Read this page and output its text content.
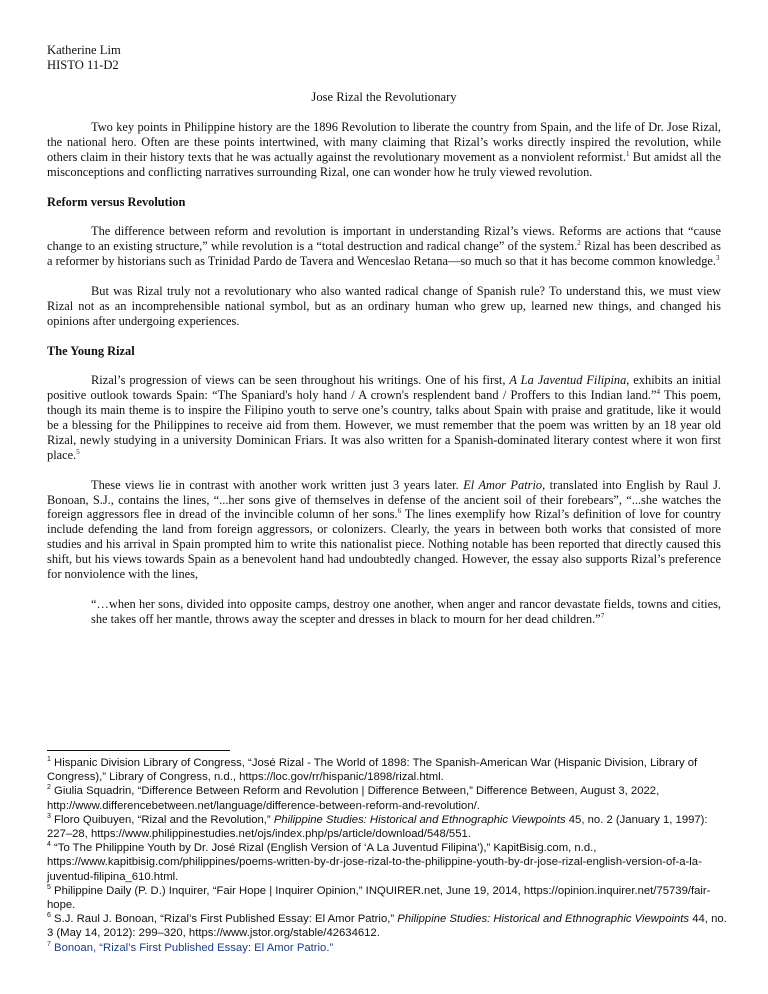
Katherine Lim
HISTO 11-D2
Jose Rizal the Revolutionary

Two key points in Philippine history are the 1896 Revolution to liberate the country from Spain, and the life of Dr. Jose Rizal, the national hero. Often are these points intertwined, with many claiming that Rizal’s works directly inspired the revolution, while others claim in their history texts that he was actually against the revolutionary movement as a nonviolent reformist.$^1$ But amidst all the misconceptions and conflicting narratives surrounding Rizal, one can wonder how he truly viewed revolution.

Reform versus Revolution

The difference between reform and revolution is important in understanding Rizal’s views. Reforms are actions that “cause change to an existing structure,” while revolution is a “total destruction and radical change” of the system.$^2$ Rizal has been described as a reformer by historians such as Trinidad Pardo de Tavera and Wenceslao Retana—so much so that it has become common knowledge.$^3$

But was Rizal truly not a revolutionary who also wanted radical change of Spanish rule? To understand this, we must view Rizal not as an incomprehensible national symbol, but as an ordinary human who grew up, learned new things, and changed his opinions after undergoing experiences.

The Young Rizal

Rizal’s progression of views can be seen throughout his writings. One of his first, A La Javentud Filipina, exhibits an initial positive outlook towards Spain: “The Spaniard's holy hand / A crown's resplendent band / Proffers to this Indian land.”$^4$ This poem, though its main theme is to inspire the Filipino youth to serve one’s country, talks about Spain with praise and gratitude, like it would be a blessing for the Philippines to receive aid from them. However, we must remember that the poem was written by an 18 year old Rizal, newly studying in a university Dominican Friars. It was also written for a Spanish-dominated literary contest where it won first place.$^5$

These views lie in contrast with another work written just 3 years later. El Amor Patrio, translated into English by Raul J. Bonoan, S.J., contains the lines, “...her sons give of themselves in defense of the ancient soil of their forebears”, “...she watches the foreign aggressors flee in dread of the invincible column of her sons.$^6$ The lines exemplify how Rizal’s definition of love for country include defending the land from foreign aggressors, or colonizers. Clearly, the years in between both works that consisted of more studies and his arrival in Spain prompted him to write this nationalist piece. Nothing notable has been reported that directly caused this shift, but his views towards Spain as a benevolent hand had undoubtedly changed. However, the essay also supports Rizal’s preference for nonviolence with the lines,

“…when her sons, divided into opposite camps, destroy one another, when anger and rancor devastate fields, towns and cities, she takes off her mantle, throws away the scepter and dresses in black to mourn for her dead children.”$^7$

$^1$ Hispanic Division Library of Congress, “José Rizal - The World of 1898: The Spanish-American War (Hispanic Division, Library of Congress),” Library of Congress, n.d., https://loc.gov/rr/hispanic/1898/rizal.html.

$^2$ Giulia Squadrin, “Difference Between Reform and Revolution | Difference Between,” Difference Between, August 3, 2022, http://www.differencebetween.net/language/difference-between-reform-and-revolution/.

$^3$ Floro Quibuyen, “Rizal and the Revolution,” Philippine Studies: Historical and Ethnographic Viewpoints 45, no. 2 (January 1, 1997): 227–28, https://www.philippinestudies.net/ojs/index.php/ps/article/download/548/551.

$^4$ “To The Philippine Youth by Dr. José Rizal (English Version of ‘A La Juventud Filipina’),” KapitBisig.com, n.d., https://www.kapitbisig.com/philippines/poems-written-by-dr-jose-rizal-to-the-philippine-youth-by-dr-jose-rizal-english-version-of-a-la-juventud-filipina_610.html.

$^5$ Philippine Daily (P. D.) Inquirer, “Fair Hope | Inquirer Opinion,” INQUIRER.net, June 19, 2014, https://opinion.inquirer.net/75739/fair-hope.

$^6$ S.J. Raul J. Bonoan, “Rizal’s First Published Essay: El Amor Patrio,” Philippine Studies: Historical and Ethnographic Viewpoints 44, no. 3 (May 14, 2012): 299–320, https://www.jstor.org/stable/42634612.

$^7$ Bonoan, “Rizal’s First Published Essay: El Amor Patrio.”
